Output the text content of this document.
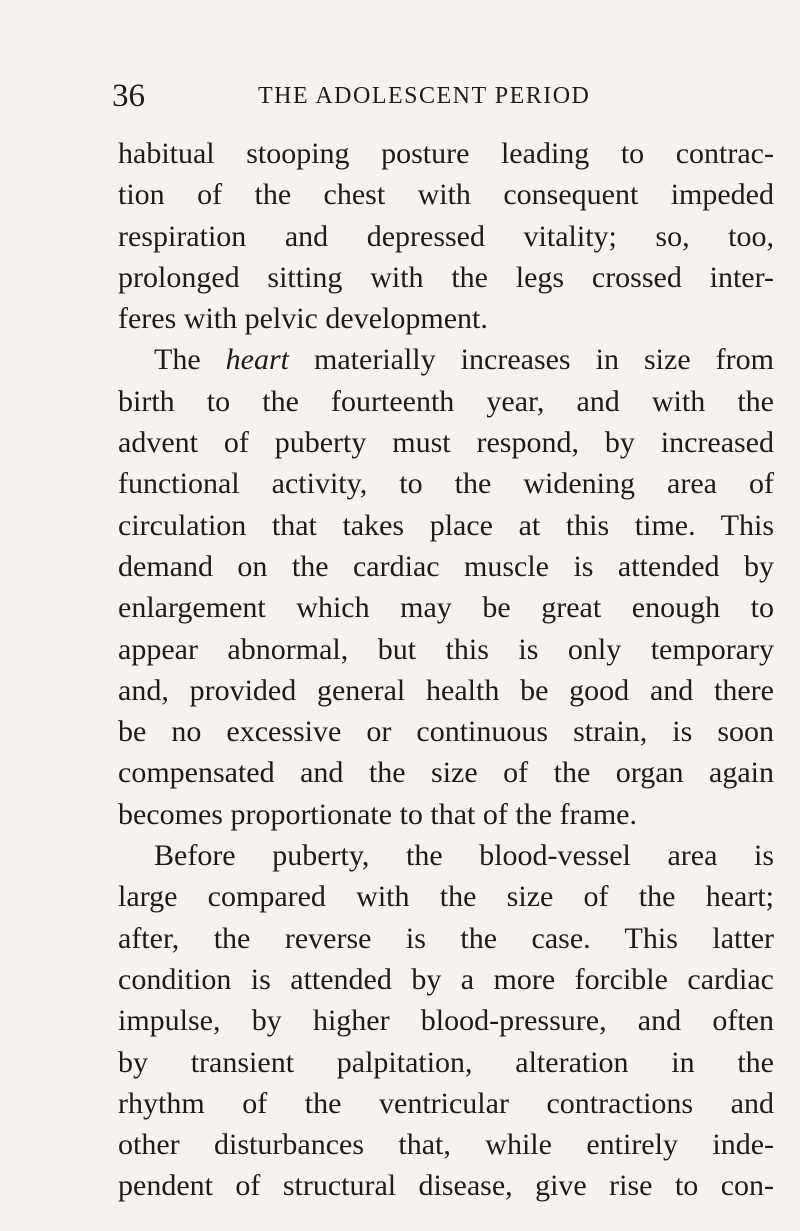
36	THE ADOLESCENT PERIOD
habitual stooping posture leading to contrac-
tion of the chest with consequent impeded
respiration and depressed vitality; so, too,
prolonged sitting with the legs crossed inter-
feres with pelvic development.
The heart materially increases in size from
birth to the fourteenth year, and with the
advent of puberty must respond, by increased
functional activity, to the widening area of
circulation that takes place at this time. This
demand on the cardiac muscle is attended by
enlargement which may be great enough to
appear abnormal, but this is only temporary
and, provided general health be good and there
be no excessive or continuous strain, is soon
compensated and the size of the organ again
becomes proportionate to that of the frame.
Before puberty, the blood-vessel area is
large compared with the size of the heart;
after, the reverse is the case. This latter
condition is attended by a more forcible cardiac
impulse, by higher blood-pressure, and often
by transient palpitation, alteration in the
rhythm of the ventricular contractions and
other disturbances that, while entirely inde-
pendent of structural disease, give rise to con-
